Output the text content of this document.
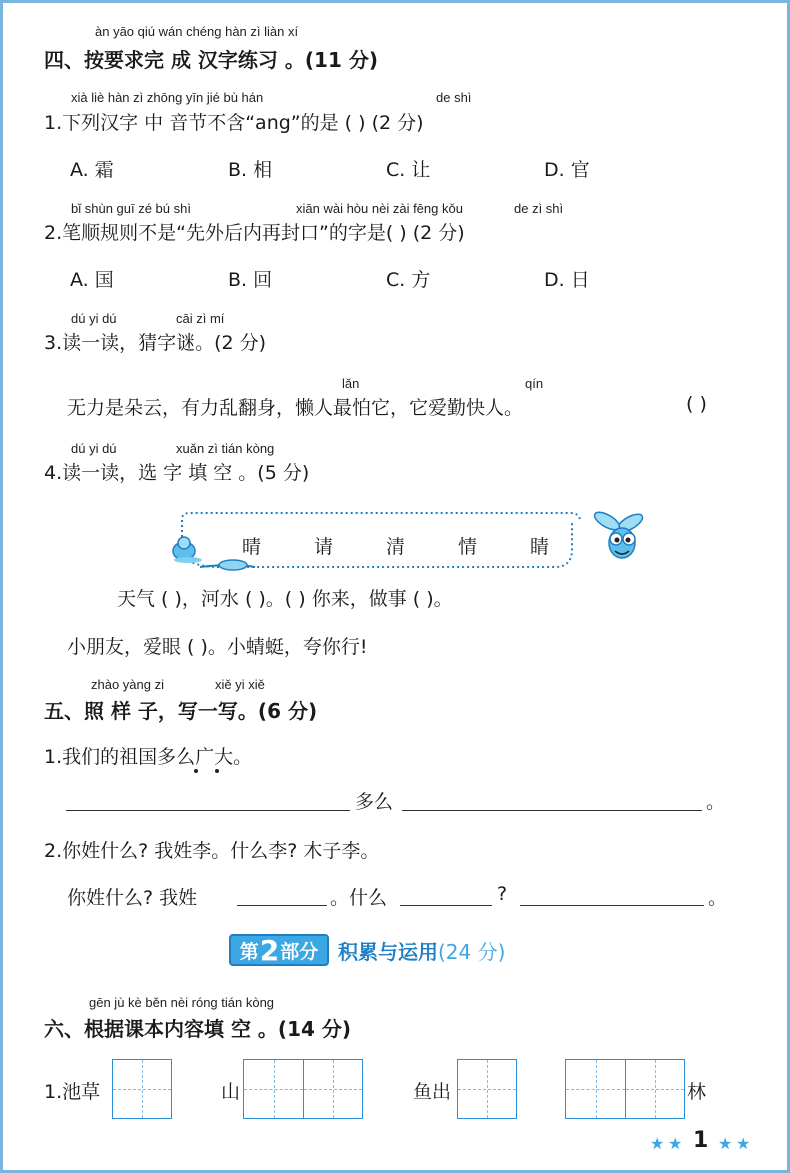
àn yāo qiú wán chéng hàn zì liàn xí
四、按要求完 成 汉字练习 。(11 分)
xià liè hàn zì zhōng yīn jié bù hán	de shì
1.下列汉字 中 音节不含“ang”的是 ( ) (2 分)
A. 霜	B. 相	C. 让	D. 官
bǐ shùn guī zé bú shì	xiān wài hòu nèi zài fēng kǒu	de zì shì
2.笔顺规则不是“先外后内再封口”的字是( ) (2 分)
A. 国	B. 回	C. 方	D. 日
dú yi dú	cāi zì mí
3.读一读，猜字谜。(2 分)
lǎn	qín
无力是朵云，有力乱翻身，懒人最怕它，它爱勤快人。	( )
dú yi dú	xuǎn zì tián kòng
4.读一读，选 字 填 空 。(5 分)
晴	请	清	情	睛
天气 ( )，河水 ( )。( ) 你来，做事 ( )。
小朋友，爱眼 ( )。小蜻蜓，夸你行!
zhào yàng zi	xiě yi xiě
五、照 样 子，写一写。(6 分)
1.我们的祖国多么广大。
多么	。
2.你姓什么? 我姓李。什么李? 木子李。
你姓什么? 我姓	。什么	?	。
第 2 部分 积累与运用(24 分)
gēn jù kè běn nèi róng tián kòng
六、根据课本内容填 空 。(14 分)
1.池草	山	鱼出	林
★ ★ 1 ★ ★
